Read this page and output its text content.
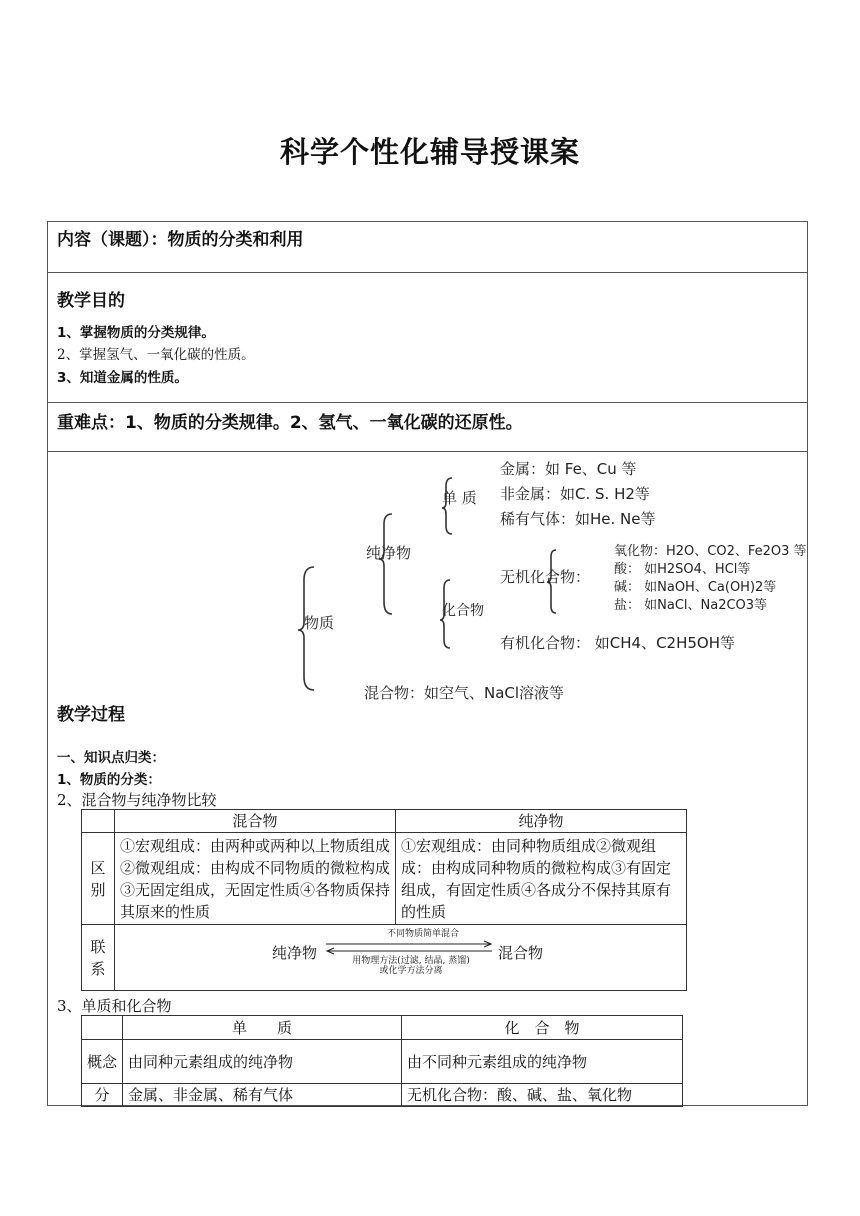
科学个性化辅导授课案
内容（课题）：物质的分类和利用
教学目的
1、掌握物质的分类规律。
2、掌握氢气、一氧化碳的性质。
3、知道金属的性质。
重难点：1、物质的分类规律。2、氢气、一氧化碳的还原性。
物质
纯净物
混合物：如空气、NaCl溶液等
单 质
金属：如 Fe、Cu 等
非金属：如C. S. H2等
稀有气体：如He. Ne等
化合物
无机化合物：
氧化物：H2O、CO2、Fe2O3 等
酸： 如H2SO4、HCl等
碱： 如NaOH、Ca(OH)2等
盐： 如NaCl、Na2CO3等
有机化合物： 如CH4、C2H5OH等
教学过程
一、知识点归类：
1、物质的分类：
2、混合物与纯净物比较
	混合物	纯净物
区别	①宏观组成：由两种或两种以上物质组成②微观组成：由构成不同物质的微粒构成③无固定组成，无固定性质④各物质保持其原来的性质	①宏观组成：由同种物质组成②微观组成：由构成同种物质的微粒构成③有固定组成，有固定性质④各成分不保持其原有的性质
联系	纯净物
不同物质简单混合
用物理方法(过滤, 结晶, 蒸馏)
或化学方法分离
混合物	
3、单质和化合物
	单　　质	化　合　物
概念	由同种元素组成的纯净物	由不同种元素组成的纯净物
分	金属、非金属、稀有气体	无机化合物：酸、碱、盐、氧化物
